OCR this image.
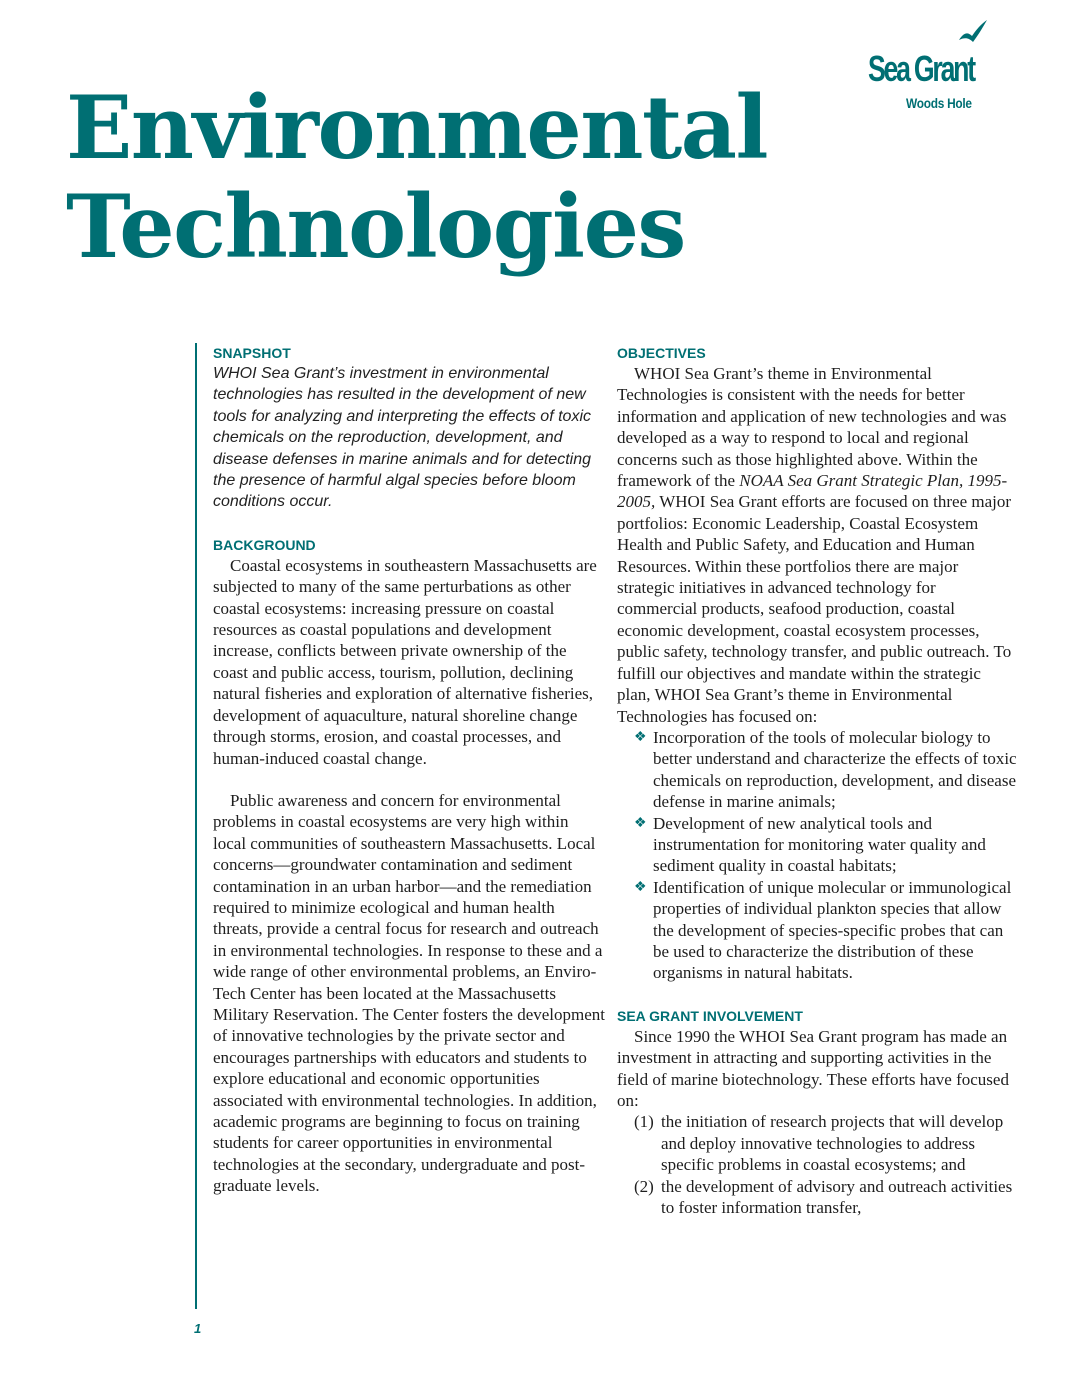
Environmental
Technologies
Sea Grant
Woods Hole
SNAPSHOT

WHOI Sea Grant’s investment in environmental technologies has resulted in the development of new tools for analyzing and interpreting the effects of toxic chemicals on the reproduction, development, and disease defenses in marine animals and for detecting the presence of harmful algal species before bloom conditions occur.

BACKGROUND

Coastal ecosystems in southeastern Massachusetts are subjected to many of the same perturbations as other coastal ecosystems: increasing pressure on coastal resources as coastal populations and development increase, conflicts between private ownership of the coast and public access, tourism, pollution, declining natural fisheries and exploration of alternative fisheries, development of aquaculture, natural shoreline change through storms, erosion, and coastal processes, and human-induced coastal change.

Public awareness and concern for environmental problems in coastal ecosystems are very high within local communities of southeastern Massachusetts. Local concerns—groundwater contamination and sediment contamination in an urban harbor—and the remediation required to minimize ecological and human health threats, provide a central focus for research and outreach in environmental technologies. In response to these and a wide range of other environmental problems, an Enviro-Tech Center has been located at the Massachusetts Military Reservation. The Center fosters the development of innovative technologies by the private sector and encourages partnerships with educators and students to explore educational and economic opportunities associated with environmental technologies. In addition, academic programs are beginning to focus on training students for career opportunities in environmental technologies at the secondary, undergraduate and post-graduate levels.

OBJECTIVES

WHOI Sea Grant’s theme in Environmental Technologies is consistent with the needs for better information and application of new technologies and was developed as a way to respond to local and regional concerns such as those highlighted above. Within the framework of the NOAA Sea Grant Strategic Plan, 1995-2005, WHOI Sea Grant efforts are focused on three major portfolios: Economic Leadership, Coastal Ecosystem Health and Public Safety, and Education and Human Resources. Within these portfolios there are major strategic initiatives in advanced technology for commercial products, seafood production, coastal economic development, coastal ecosystem processes, public safety, technology transfer, and public outreach. To fulfill our objectives and mandate within the strategic plan, WHOI Sea Grant’s theme in Environmental Technologies has focused on:

❖ Incorporation of the tools of molecular biology to better understand and characterize the effects of toxic chemicals on reproduction, development, and disease defense in marine animals;
❖ Development of new analytical tools and instrumentation for monitoring water quality and sediment quality in coastal habitats;
❖ Identification of unique molecular or immunological properties of individual plankton species that allow the development of species-specific probes that can be used to characterize the distribution of these organisms in natural habitats.
SEA GRANT INVOLVEMENT

Since 1990 the WHOI Sea Grant program has made an investment in attracting and supporting activities in the field of marine biotechnology. These efforts have focused on:

(1) the initiation of research projects that will develop and deploy innovative technologies to address specific problems in coastal ecosystems; and
(2) the development of advisory and outreach activities to foster information transfer,
1
